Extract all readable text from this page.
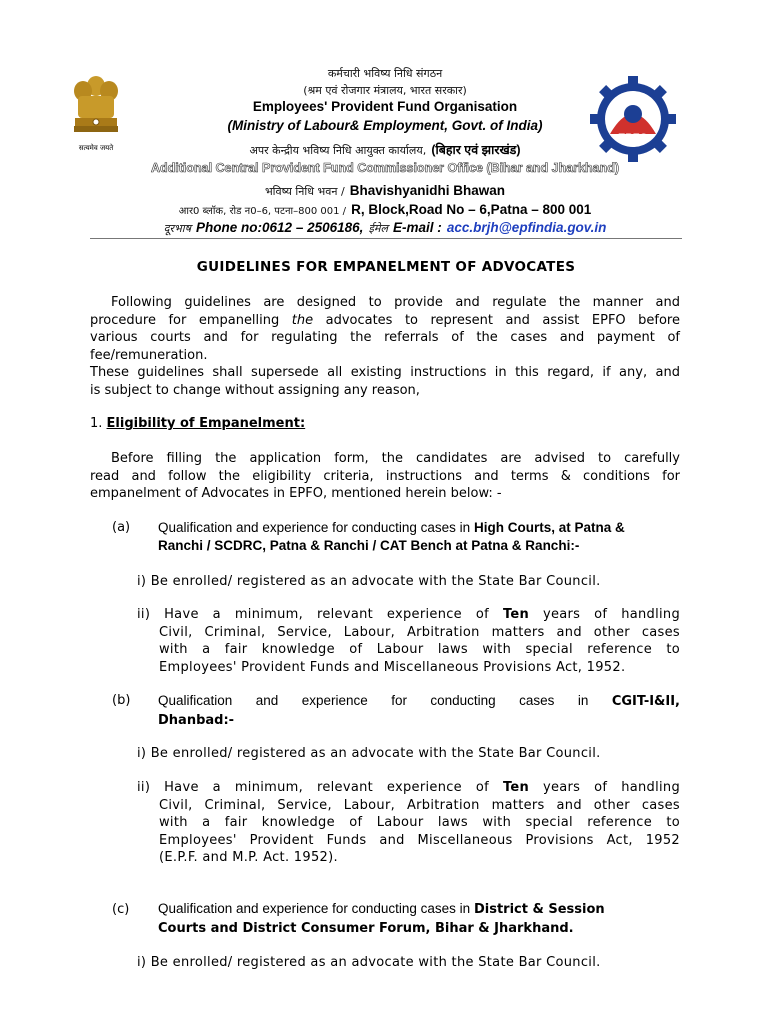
सत्यमेव जयते
EPFO
कर्मचारी भविष्य निधि संगठन
(श्रम एवं रोजगार मंत्रालय, भारत सरकार)
Employees' Provident Fund Organisation
(Ministry of Labour& Employment, Govt. of India)
अपर केन्द्रीय भविष्य निधि आयुक्त कार्यालय, (बिहार एवं झारखंड)
Additional Central Provident Fund Commissioner Office (Bihar and Jharkhand)
भविष्य निधि भवन / Bhavishyanidhi Bhawan
आर0 ब्लॉक, रोड न0–6, पटना–800 001 / R, Block,Road No – 6,Patna – 800 001
दूरभाष Phone no:0612 – 2506186, ईमेल E-mail : acc.brjh@epfindia.gov.in
GUIDELINES FOR EMPANELMENT OF ADVOCATES
Following guidelines are designed to provide and regulate the manner and
procedure for empanelling the advocates to represent and assist EPFO before
various courts and for regulating the referrals of the cases and payment of
fee/remuneration.
These guidelines shall supersede all existing instructions in this regard, if any, and
is subject to change without assigning any reason,
1. Eligibility of Empanelment:
Before filling the application form, the candidates are advised to carefully
read and follow the eligibility criteria, instructions and terms & conditions for
empanelment of Advocates in EPFO, mentioned herein below: -
(a) Qualification and experience for conducting cases in High Courts, at Patna &
Ranchi / SCDRC, Patna & Ranchi / CAT Bench at Patna & Ranchi:-
i) Be enrolled/ registered as an advocate with the State Bar Council.
ii) Have a minimum, relevant experience of Ten years of handling
Civil, Criminal, Service, Labour, Arbitration matters and other cases
with a fair knowledge of Labour laws with special reference to
Employees' Provident Funds and Miscellaneous Provisions Act, 1952.
(b) Qualification and experience for conducting cases in CGIT-I&II,
Dhanbad:-
i) Be enrolled/ registered as an advocate with the State Bar Council.
ii) Have a minimum, relevant experience of Ten years of handling
Civil, Criminal, Service, Labour, Arbitration matters and other cases
with a fair knowledge of Labour laws with special reference to
Employees' Provident Funds and Miscellaneous Provisions Act, 1952
(E.P.F. and M.P. Act. 1952).
(c) Qualification and experience for conducting cases in District & Session
Courts and District Consumer Forum, Bihar & Jharkhand.
i) Be enrolled/ registered as an advocate with the State Bar Council.
